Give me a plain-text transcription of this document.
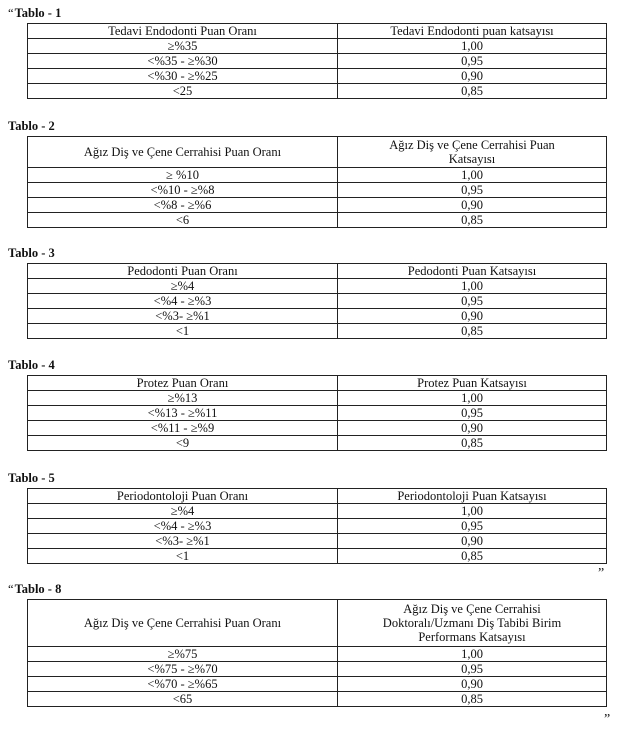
“Tablo - 1
Tedavi Endodonti Puan Oranı	Tedavi Endodonti puan katsayısı
≥%35	1,00
<%35 - ≥%30	0,95
<%30 - ≥%25	0,90
<25	0,85
Tablo - 2
Ağız Diş ve Çene Cerrahisi Puan Oranı	Ağız Diş ve Çene Cerrahisi Puan Katsayısı
≥ %10	1,00
<%10 - ≥%8	0,95
<%8 - ≥%6	0,90
<6	0,85
Tablo - 3
Pedodonti Puan Oranı	Pedodonti Puan Katsayısı
≥%4	1,00
<%4 - ≥%3	0,95
<%3- ≥%1	0,90
<1	0,85
Tablo - 4
Protez Puan Oranı	Protez Puan Katsayısı
≥%13	1,00
<%13 - ≥%11	0,95
<%11 - ≥%9	0,90
<9	0,85
Tablo - 5
Periodontoloji Puan Oranı	Periodontoloji Puan Katsayısı
≥%4	1,00
<%4 - ≥%3	0,95
<%3- ≥%1	0,90
<1	0,85
”
“Tablo - 8
Ağız Diş ve Çene Cerrahisi Puan Oranı	Ağız Diş ve Çene Cerrahisi Doktoralı/Uzmanı Diş Tabibi Birim Performans Katsayısı
≥%75	1,00
<%75 - ≥%70	0,95
<%70 - ≥%65	0,90
<65	0,85
”
